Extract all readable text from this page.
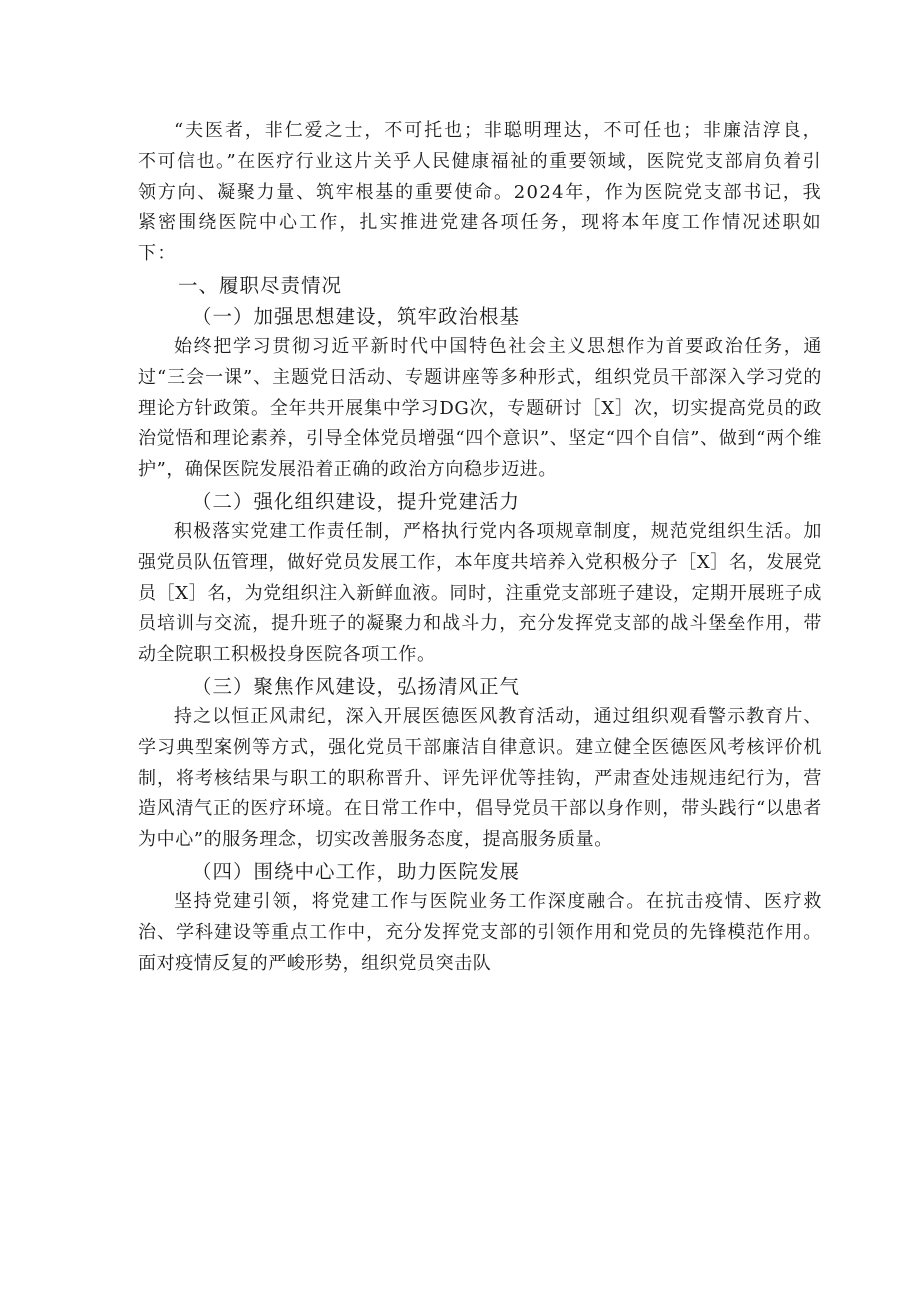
“夫医者，非仁爱之士，不可托也；非聪明理达，不可任也；非廉洁淳良，不可信也。”在医疗行业这片关乎人民健康福祉的重要领域，医院党支部肩负着引领方向、凝聚力量、筑牢根基的重要使命。2024年，作为医院党支部书记，我紧密围绕医院中心工作，扎实推进党建各项任务，现将本年度工作情况述职如下：

一、履职尽责情况

（一）加强思想建设，筑牢政治根基

始终把学习贯彻习近平新时代中国特色社会主义思想作为首要政治任务，通过“三会一课”、主题党日活动、专题讲座等多种形式，组织党员干部深入学习党的理论方针政策。全年共开展集中学习DG次，专题研讨［X］次，切实提高党员的政治觉悟和理论素养，引导全体党员增强“四个意识”、坚定“四个自信”、做到“两个维护”，确保医院发展沿着正确的政治方向稳步迈进。

（二）强化组织建设，提升党建活力

积极落实党建工作责任制，严格执行党内各项规章制度，规范党组织生活。加强党员队伍管理，做好党员发展工作，本年度共培养入党积极分子［X］名，发展党员［X］名，为党组织注入新鲜血液。同时，注重党支部班子建设，定期开展班子成员培训与交流，提升班子的凝聚力和战斗力，充分发挥党支部的战斗堡垒作用，带动全院职工积极投身医院各项工作。

（三）聚焦作风建设，弘扬清风正气

持之以恒正风肃纪，深入开展医德医风教育活动，通过组织观看警示教育片、学习典型案例等方式，强化党员干部廉洁自律意识。建立健全医德医风考核评价机制，将考核结果与职工的职称晋升、评先评优等挂钩，严肃查处违规违纪行为，营造风清气正的医疗环境。在日常工作中，倡导党员干部以身作则，带头践行“以患者为中心”的服务理念，切实改善服务态度，提高服务质量。

（四）围绕中心工作，助力医院发展

坚持党建引领，将党建工作与医院业务工作深度融合。在抗击疫情、医疗救治、学科建设等重点工作中，充分发挥党支部的引领作用和党员的先锋模范作用。面对疫情反复的严峻形势，组织党员突击队
